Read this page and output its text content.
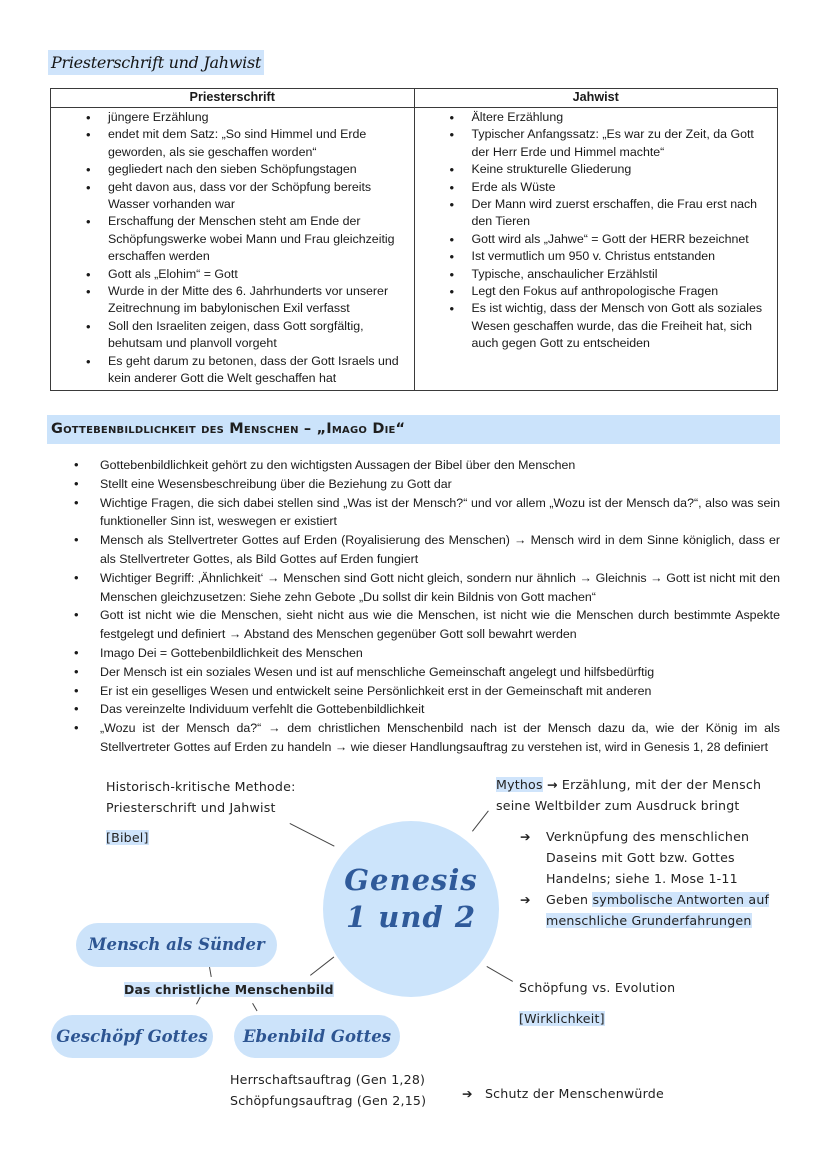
Priesterschrift und Jahwist
Priesterschrift	Jahwist

• jüngere Erzählung
• endet mit dem Satz: „So sind Himmel und Erde geworden, als sie geschaffen worden“
• gegliedert nach den sieben Schöpfungstagen
• geht davon aus, dass vor der Schöpfung bereits Wasser vorhanden war
• Erschaffung der Menschen steht am Ende der Schöpfungswerke wobei Mann und Frau gleichzeitig erschaffen werden
• Gott als „Elohim“ = Gott
• Wurde in der Mitte des 6. Jahrhunderts vor unserer Zeitrechnung im babylonischen Exil verfasst
• Soll den Israeliten zeigen, dass Gott sorgfältig, behutsam und planvoll vorgeht
• Es geht darum zu betonen, dass der Gott Israels und kein anderer Gott die Welt geschaffen hat

• Ältere Erzählung
• Typischer Anfangssatz: „Es war zu der Zeit, da Gott der Herr Erde und Himmel machte“
• Keine strukturelle Gliederung
• Erde als Wüste
• Der Mann wird zuerst erschaffen, die Frau erst nach den Tieren
• Gott wird als „Jahwe“ = Gott der HERR bezeichnet
• Ist vermutlich um 950 v. Christus entstanden
• Typische, anschaulicher Erzählstil
• Legt den Fokus auf anthropologische Fragen
• Es ist wichtig, dass der Mensch von Gott als soziales Wesen geschaffen wurde, das die Freiheit hat, sich auch gegen Gott zu entscheiden
Gottebenbildlichkeit des Menschen – „Imago Die“
• Gottebenbildlichkeit gehört zu den wichtigsten Aussagen der Bibel über den Menschen
• Stellt eine Wesensbeschreibung über die Beziehung zu Gott dar
• Wichtige Fragen, die sich dabei stellen sind „Was ist der Mensch?“ und vor allem „Wozu ist der Mensch da?“, also was sein funktioneller Sinn ist, weswegen er existiert
• Mensch als Stellvertreter Gottes auf Erden (Royalisierung des Menschen) → Mensch wird in dem Sinne königlich, dass er als Stellvertreter Gottes, als Bild Gottes auf Erden fungiert
• Wichtiger Begriff: ‚Ähnlichkeit‘ → Menschen sind Gott nicht gleich, sondern nur ähnlich → Gleichnis → Gott ist nicht mit den Menschen gleichzusetzen: Siehe zehn Gebote „Du sollst dir kein Bildnis von Gott machen“
• Gott ist nicht wie die Menschen, sieht nicht aus wie die Menschen, ist nicht wie die Menschen durch bestimmte Aspekte festgelegt und definiert → Abstand des Menschen gegenüber Gott soll bewahrt werden
• Imago Dei = Gottebenbildlichkeit des Menschen
• Der Mensch ist ein soziales Wesen und ist auf menschliche Gemeinschaft angelegt und hilfsbedürftig
• Er ist ein geselliges Wesen und entwickelt seine Persönlichkeit erst in der Gemeinschaft mit anderen
• Das vereinzelte Individuum verfehlt die Gottebenbildlichkeit
• „Wozu ist der Mensch da?“ → dem christlichen Menschenbild nach ist der Mensch dazu da, wie der König im als Stellvertreter Gottes auf Erden zu handeln → wie dieser Handlungsauftrag zu verstehen ist, wird in Genesis 1, 28 definiert
Genesis
1 und 2
Historisch-kritische Methode:
Priesterschrift und Jahwist
[Bibel]
Mythos → Erzählung, mit der der Mensch
seine Weltbilder zum Ausdruck bringt
➔ Verknüpfung des menschlichen
Daseins mit Gott bzw. Gottes
Handelns; siehe 1. Mose 1-11
➔ Geben symbolische Antworten auf
menschliche Grunderfahrungen
Mensch als Sünder
Das christliche Menschenbild
Geschöpf Gottes	Ebenbild Gottes
Schöpfung vs. Evolution
[Wirklichkeit]
Herrschaftsauftrag (Gen 1,28)
Schöpfungsauftrag (Gen 2,15)	➔ Schutz der Menschenwürde
